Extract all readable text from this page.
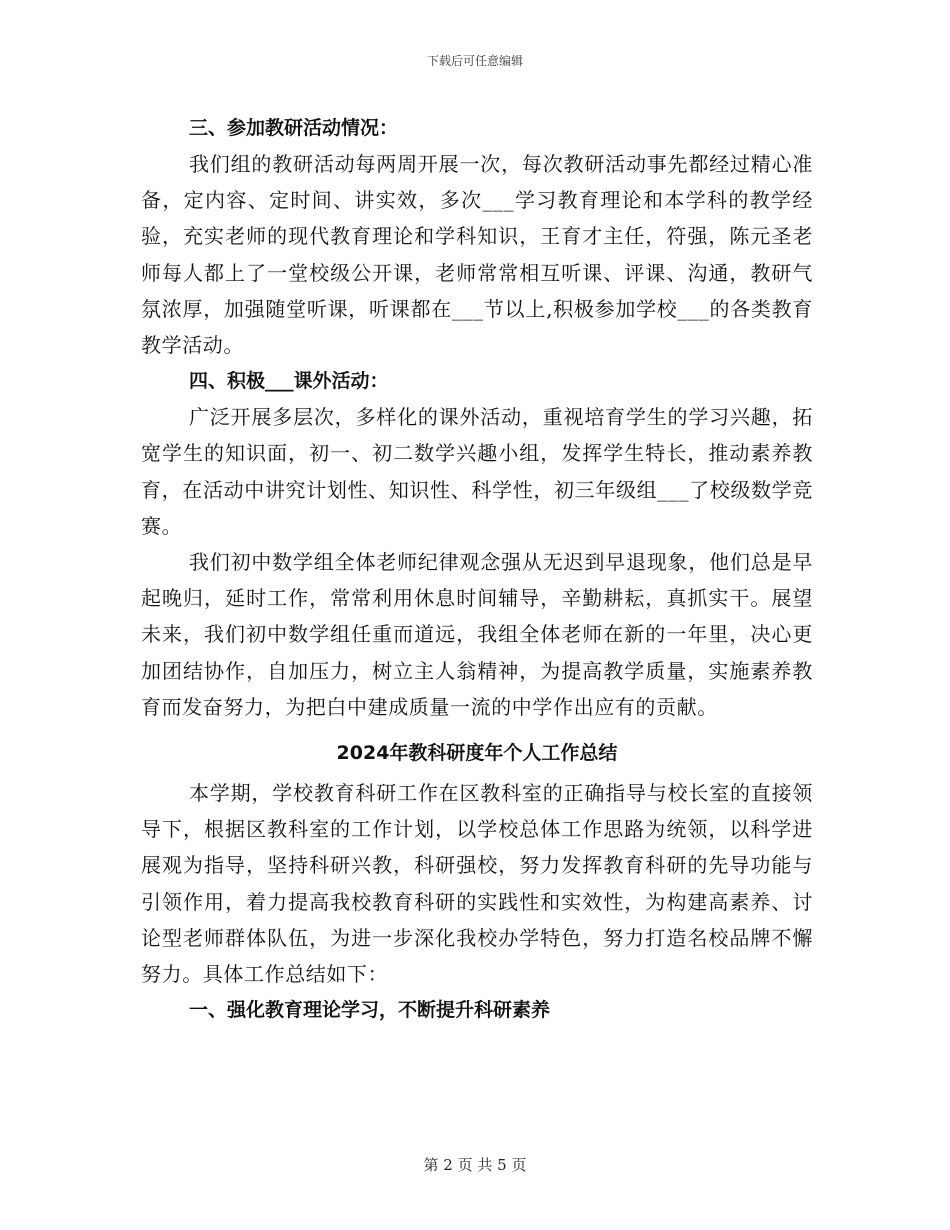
下载后可任意编辑

三、参加教研活动情况：

我们组的教研活动每两周开展一次，每次教研活动事先都经过精心准备，定内容、定时间、讲实效，多次___学习教育理论和本学科的教学经验，充实老师的现代教育理论和学科知识，王育才主任，符强，陈元圣老师每人都上了一堂校级公开课，老师常常相互听课、评课、沟通，教研气氛浓厚，加强随堂听课，听课都在___节以上,积极参加学校___的各类教育教学活动。

四、积极___课外活动：

广泛开展多层次，多样化的课外活动，重视培育学生的学习兴趣，拓宽学生的知识面，初一、初二数学兴趣小组，发挥学生特长，推动素养教育，在活动中讲究计划性、知识性、科学性，初三年级组___了校级数学竞赛。

我们初中数学组全体老师纪律观念强从无迟到早退现象，他们总是早起晚归，延时工作，常常利用休息时间辅导，辛勤耕耘，真抓实干。展望未来，我们初中数学组任重而道远，我组全体老师在新的一年里，决心更加团结协作，自加压力，树立主人翁精神，为提高教学质量，实施素养教育而发奋努力，为把白中建成质量一流的中学作出应有的贡献。

2024年教科研度年个人工作总结

本学期，学校教育科研工作在区教科室的正确指导与校长室的直接领导下，根据区教科室的工作计划，以学校总体工作思路为统领，以科学进展观为指导，坚持科研兴教，科研强校，努力发挥教育科研的先导功能与引领作用，着力提高我校教育科研的实践性和实效性，为构建高素养、讨论型老师群体队伍，为进一步深化我校办学特色，努力打造名校品牌不懈努力。具体工作总结如下：

一、强化教育理论学习，不断提升科研素养

第 2 页 共 5 页
